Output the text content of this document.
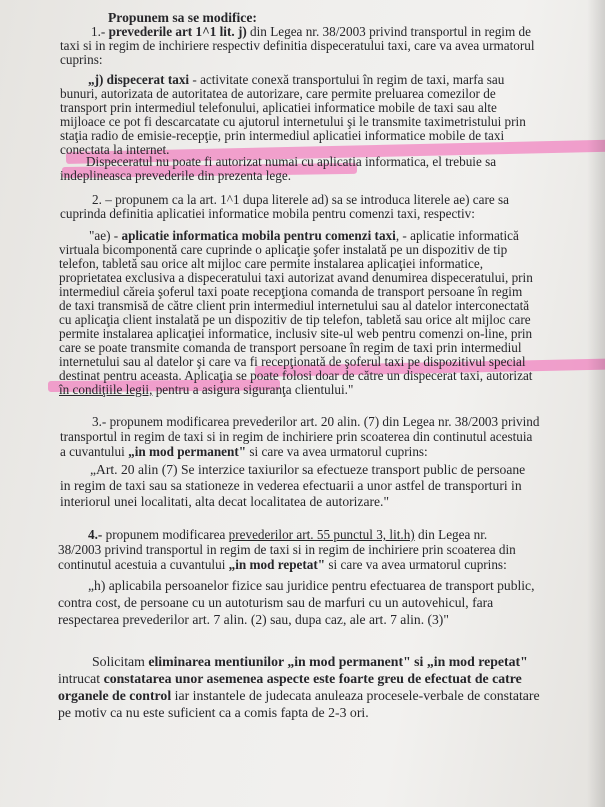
Propunem sa se modifice:
1.- prevederile art 1^1 lit. j) din Legea nr. 38/2003 privind transportul in regim de
taxi si in regim de inchiriere respectiv definitia dispeceratului taxi, care va avea urmatorul
cuprins:
„j) dispecerat taxi - activitate conexă transportului în regim de taxi, marfa sau
bunuri, autorizata de autoritatea de autorizare, care permite preluarea comezilor de
transport prin intermediul telefonului, aplicatiei informatice mobile de taxi sau alte
mijloace ce pot fi descarcatate cu ajutorul internetului şi le transmite taximetristului prin
staţia radio de emisie-recepţie, prin intermediul aplicatiei informatice mobile de taxi
conectata la internet.
Dispeceratul nu poate fi autorizat numai cu aplicatia informatica, el trebuie sa
indeplineasca prevederile din prezenta lege.
2. – propunem ca la art. 1^1 dupa literele ad) sa se introduca literele ae) care sa
cuprinda definitia aplicatiei informatice mobila pentru comenzi taxi, respectiv:
"ae) - aplicatie informatica mobila pentru comenzi taxi, - aplicatie informatică
virtuala bicomponentă care cuprinde o aplicaţie şofer instalată pe un dispozitiv de tip
telefon, tabletă sau orice alt mijloc care permite instalarea aplicaţiei informatice,
proprietatea exclusiva a dispeceratului taxi autorizat avand denumirea dispeceratului, prin
intermediul căreia şoferul taxi poate recepţiona comanda de transport persoane în regim
de taxi transmisă de către client prin intermediul internetului sau al datelor interconectată
cu aplicaţia client instalată pe un dispozitiv de tip telefon, tabletă sau orice alt mijloc care
permite instalarea aplicaţiei informatice, inclusiv site-ul web pentru comenzi on-line, prin
care se poate transmite comanda de transport persoane în regim de taxi prin intermediul
internetului sau al datelor şi care va fi recepţionată de şoferul taxi pe dispozitivul special
destinat pentru aceasta. Aplicaţia se poate folosi doar de către un dispecerat taxi, autorizat
în condiţiile legii, pentru a asigura siguranţa clientului."
3.- propunem modificarea prevederilor art. 20 alin. (7) din Legea nr. 38/2003 privind
transportul in regim de taxi si in regim de inchiriere prin scoaterea din continutul acestuia
a cuvantului „in mod permanent" si care va avea urmatorul cuprins:
„Art. 20 alin (7) Se interzice taxiurilor sa efectueze transport public de persoane
in regim de taxi sau sa stationeze in vederea efectuarii a unor astfel de transporturi in
interiorul unei localitati, alta decat localitatea de autorizare."
4.- propunem modificarea prevederilor art. 55 punctul 3, lit.h) din Legea nr.
38/2003 privind transportul in regim de taxi si in regim de inchiriere prin scoaterea din
continutul acestuia a cuvantului „in mod repetat" si care va avea urmatorul cuprins:
„h) aplicabila persoanelor fizice sau juridice pentru efectuarea de transport public,
contra cost, de persoane cu un autoturism sau de marfuri cu un autovehicul, fara
respectarea prevederilor art. 7 alin. (2) sau, dupa caz, ale art. 7 alin. (3)"
Solicitam eliminarea mentiunilor „in mod permanent" si „in mod repetat"
intrucat constatarea unor asemenea aspecte este foarte greu de efectuat de catre
organele de control iar instantele de judecata anuleaza procesele-verbale de constatare
pe motiv ca nu este suficient ca a comis fapta de 2-3 ori.
